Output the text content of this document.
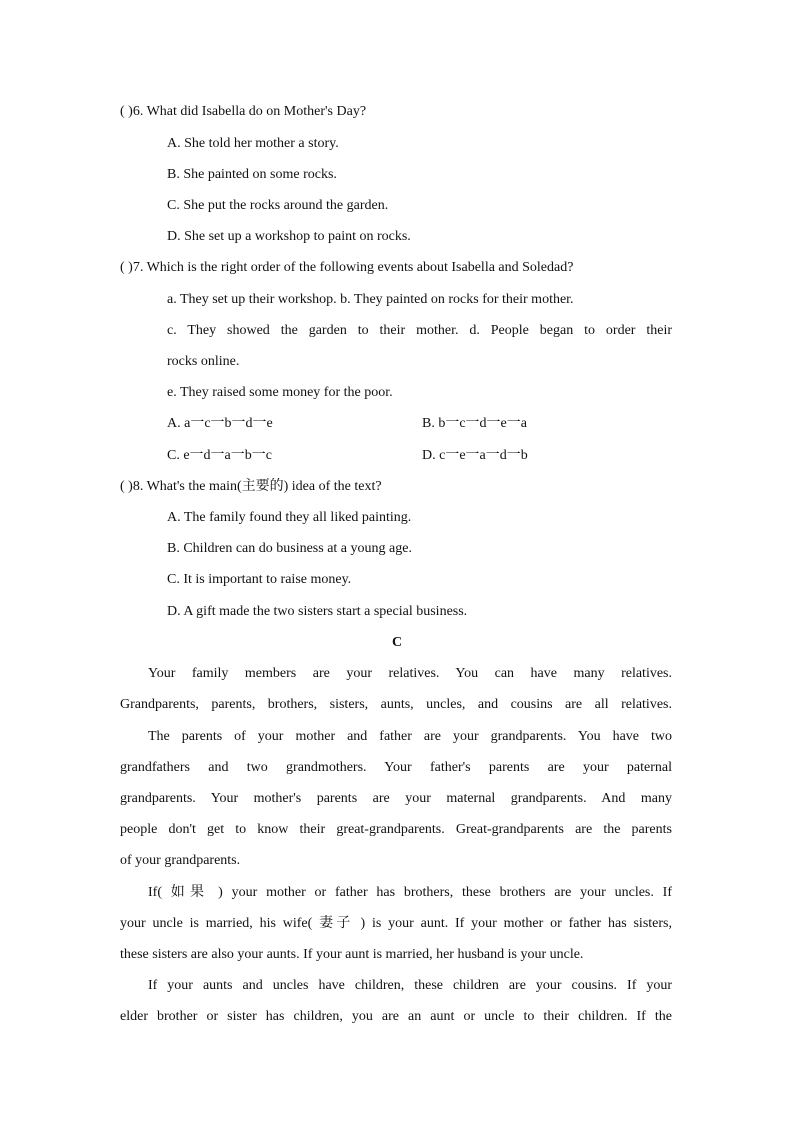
( )6. What did Isabella do on Mother's Day?
A. She told her mother a story.
B. She painted on some rocks.
C. She put the rocks around the garden.
D. She set up a workshop to paint on rocks.
( )7. Which is the right order of the following events about Isabella and Soledad?
a. They set up their workshop. b. They painted on rocks for their mother.
c. They showed the garden to their mother. d. People began to order their
rocks online.
e. They raised some money for the poor.
A. a一c一b一d一e	B. b一c一d一e一a
C. e一d一a一b一c	D. c一e一a一d一b
( )8. What's the main(主要的) idea of the text?
A. The family found they all liked painting.
B. Children can do business at a young age.
C. It is important to raise money.
D. A gift made the two sisters start a special business.
C
Your family members are your relatives. You can have many relatives.
Grandparents, parents, brothers, sisters, aunts, uncles, and cousins are all relatives.
The parents of your mother and father are your grandparents. You have two
grandfathers and two grandmothers. Your father's parents are your paternal
grandparents. Your mother's parents are your maternal grandparents. And many
people don't get to know their great-grandparents. Great-grandparents are the parents
of your grandparents.
If( 如果 ) your mother or father has brothers, these brothers are your uncles. If
your uncle is married, his wife( 妻子 ) is your aunt. If your mother or father has sisters,
these sisters are also your aunts. If your aunt is married, her husband is your uncle.
If your aunts and uncles have children, these children are your cousins. If your
elder brother or sister has children, you are an aunt or uncle to their children. If the
